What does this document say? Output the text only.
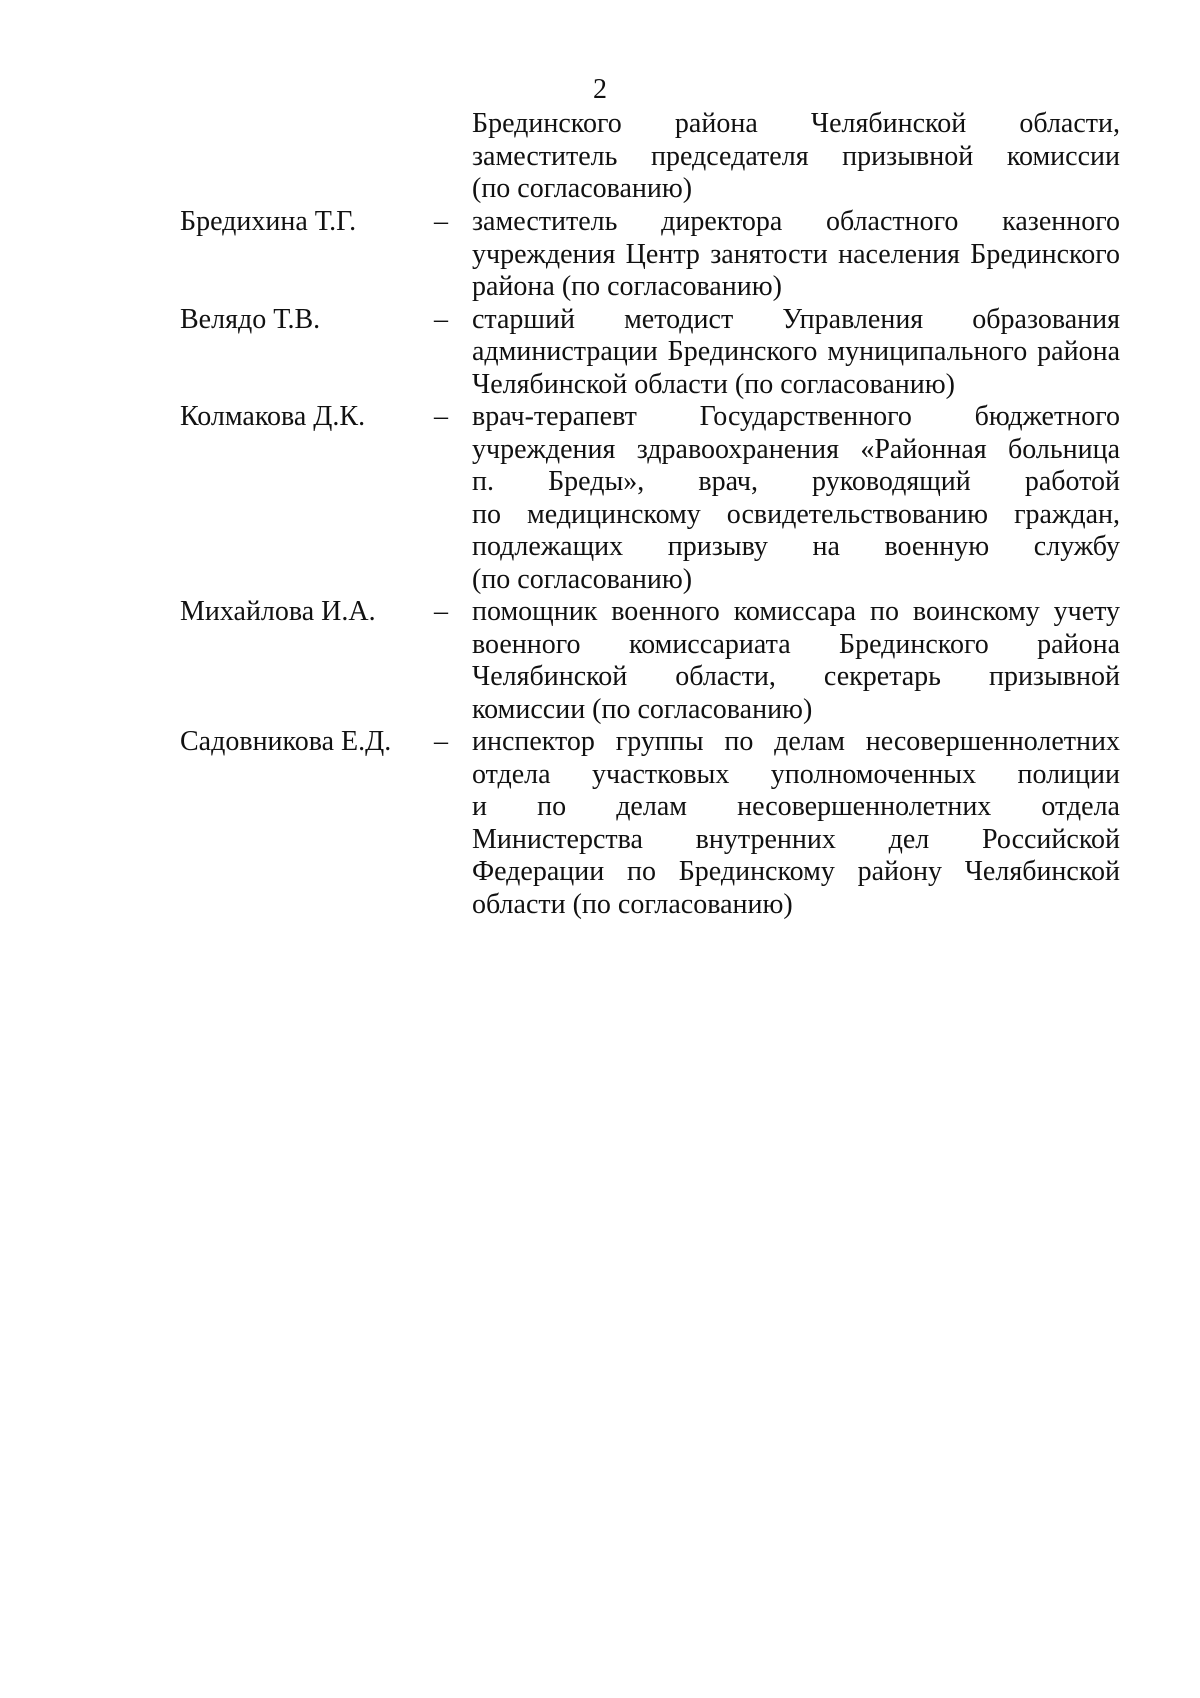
2
Брединского района Челябинской области,
заместитель председателя призывной комиссии
(по согласованию)
Бредихина Т.Г.	– заместитель директора областного казенного
учреждения Центр занятости населения Брединского
района (по согласованию)
Велядо Т.В.	– старший методист Управления образования
администрации Брединского муниципального района
Челябинской области (по согласованию)
Колмакова Д.К.	– врач-терапевт Государственного бюджетного
учреждения здравоохранения «Районная больница
п. Бреды», врач, руководящий работой
по медицинскому освидетельствованию граждан,
подлежащих призыву на военную службу
(по согласованию)
Михайлова И.А.	– помощник военного комиссара по воинскому учету
военного комиссариата Брединского района
Челябинской области, секретарь призывной
комиссии (по согласованию)
Садовникова Е.Д.	– инспектор группы по делам несовершеннолетних
отдела участковых уполномоченных полиции
и по делам несовершеннолетних отдела
Министерства внутренних дел Российской
Федерации по Брединскому району Челябинской
области (по согласованию)
